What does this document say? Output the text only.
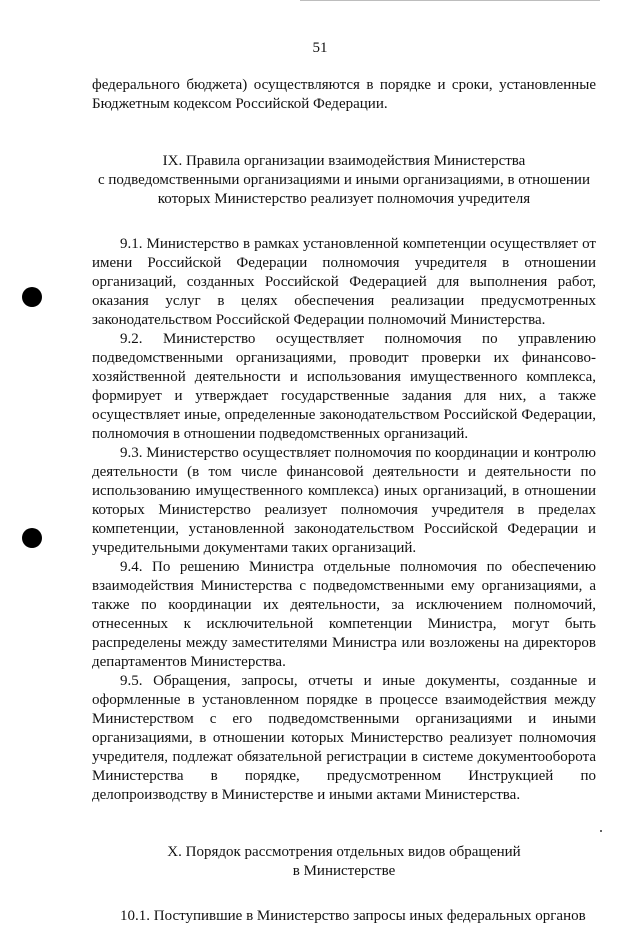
51

федерального бюджета) осуществляются в порядке и сроки, установленные Бюджетным кодексом Российской Федерации.

IX. Правила организации взаимодействия Министерства

с подведомственными организациями и иными организациями, в отношении

которых Министерство реализует полномочия учредителя

9.1. Министерство в рамках установленной компетенции осуществляет от имени Российской Федерации полномочия учредителя в отношении организаций, созданных Российской Федерацией для выполнения работ, оказания услуг в целях обеспечения реализации предусмотренных законодательством Российской Федерации полномочий Министерства.

9.2. Министерство осуществляет полномочия по управлению подведомственными организациями, проводит проверки их финансово-хозяйственной деятельности и использования имущественного комплекса, формирует и утверждает государственные задания для них, а также осуществляет иные, определенные законодательством Российской Федерации, полномочия в отношении подведомственных организаций.

9.3. Министерство осуществляет полномочия по координации и контролю деятельности (в том числе финансовой деятельности и деятельности по использованию имущественного комплекса) иных организаций, в отношении которых Министерство реализует полномочия учредителя в пределах компетенции, установленной законодательством Российской Федерации и учредительными документами таких организаций.

9.4. По решению Министра отдельные полномочия по обеспечению взаимодействия Министерства с подведомственными ему организациями, а также по координации их деятельности, за исключением полномочий, отнесенных к исключительной компетенции Министра, могут быть распределены между заместителями Министра или возложены на директоров департаментов Министерства.

9.5. Обращения, запросы, отчеты и иные документы, созданные и оформленные в установленном порядке в процессе взаимодействия между Министерством с его подведомственными организациями и иными организациями, в отношении которых Министерство реализует полномочия учредителя, подлежат обязательной регистрации в системе документооборота Министерства в порядке, предусмотренном Инструкцией по делопроизводству в Министерстве и иными актами Министерства.

X. Порядок рассмотрения отдельных видов обращений

в Министерстве

10.1. Поступившие в Министерство запросы иных федеральных органов
